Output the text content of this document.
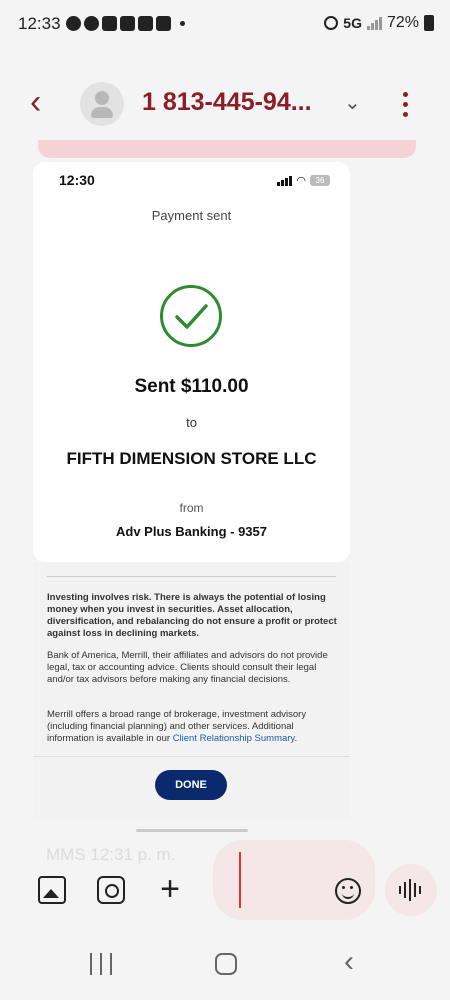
12:33	5G 72%
‹	1 813-445-94... ⌄
12:30	◠	36
Payment sent
Sent $110.00
to
FIFTH DIMENSION STORE LLC
from
Adv Plus Banking - 9357

Investing involves risk. There is always the potential of losing money when you invest in securities. Asset allocation, diversification, and rebalancing do not ensure a profit or protect against loss in declining markets.

Bank of America, Merrill, their affiliates and advisors do not provide legal, tax or accounting advice. Clients should consult their legal and/or tax advisors before making any financial decisions.

Merrill offers a broad range of brokerage, investment advisory (including financial planning) and other services. Additional information is available in our Client Relationship Summary.

DONE
MMS 12:31 p. m.
+
‹
